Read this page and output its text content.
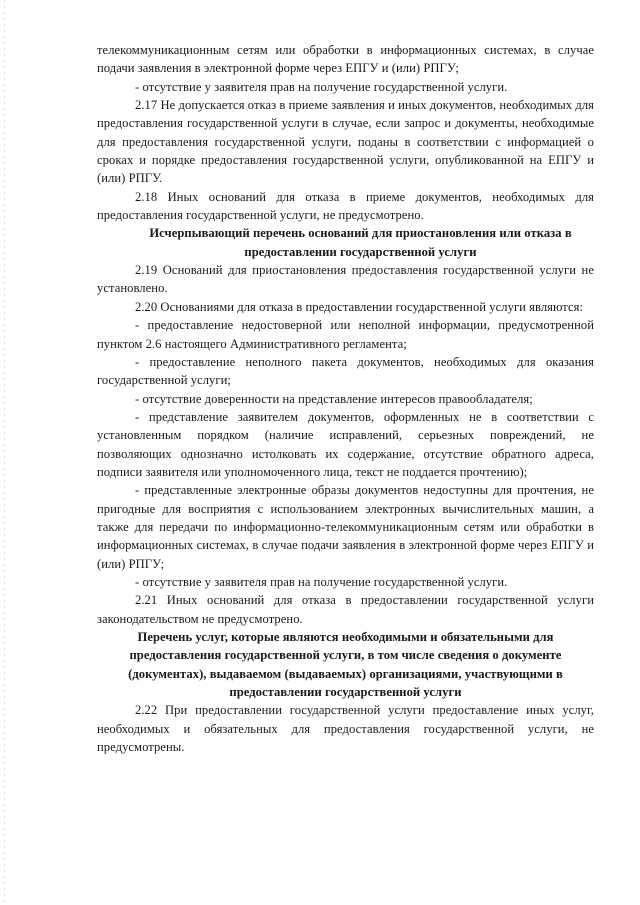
телекоммуникационным сетям или обработки в информационных системах, в случае подачи заявления в электронной форме через ЕПГУ и (или) РПГУ;

- отсутствие у заявителя прав на получение государственной услуги.

2.17 Не допускается отказ в приеме заявления и иных документов, необходимых для предоставления государственной услуги в случае, если запрос и документы, необходимые для предоставления государственной услуги, поданы в соответствии с информацией о сроках и порядке предоставления государственной услуги, опубликованной на ЕПГУ и (или) РПГУ.

2.18 Иных оснований для отказа в приеме документов, необходимых для предоставления государственной услуги, не предусмотрено.

Исчерпывающий перечень оснований для приостановления или отказа в предоставлении государственной услуги

2.19 Оснований для приостановления предоставления государственной услуги не установлено.

2.20 Основаниями для отказа в предоставлении государственной услуги являются:

- предоставление недостоверной или неполной информации, предусмотренной пунктом 2.6 настоящего Административного регламента;

- предоставление неполного пакета документов, необходимых для оказания государственной услуги;

- отсутствие доверенности на представление интересов правообладателя;

- представление заявителем документов, оформленных не в соответствии с установленным порядком (наличие исправлений, серьезных повреждений, не позволяющих однозначно истолковать их содержание, отсутствие обратного адреса, подписи заявителя или уполномоченного лица, текст не поддается прочтению);

- представленные электронные образы документов недоступны для прочтения, не пригодные для восприятия с использованием электронных вычислительных машин, а также для передачи по информационно-телекоммуникационным сетям или обработки в информационных системах, в случае подачи заявления в электронной форме через ЕПГУ и (или) РПГУ;

- отсутствие у заявителя прав на получение государственной услуги.

2.21 Иных оснований для отказа в предоставлении государственной услуги законодательством не предусмотрено.

Перечень услуг, которые являются необходимыми и обязательными для предоставления государственной услуги, в том числе сведения о документе (документах), выдаваемом (выдаваемых) организациями, участвующими в предоставлении государственной услуги

2.22 При предоставлении государственной услуги предоставление иных услуг, необходимых и обязательных для предоставления государственной услуги, не предусмотрены.
